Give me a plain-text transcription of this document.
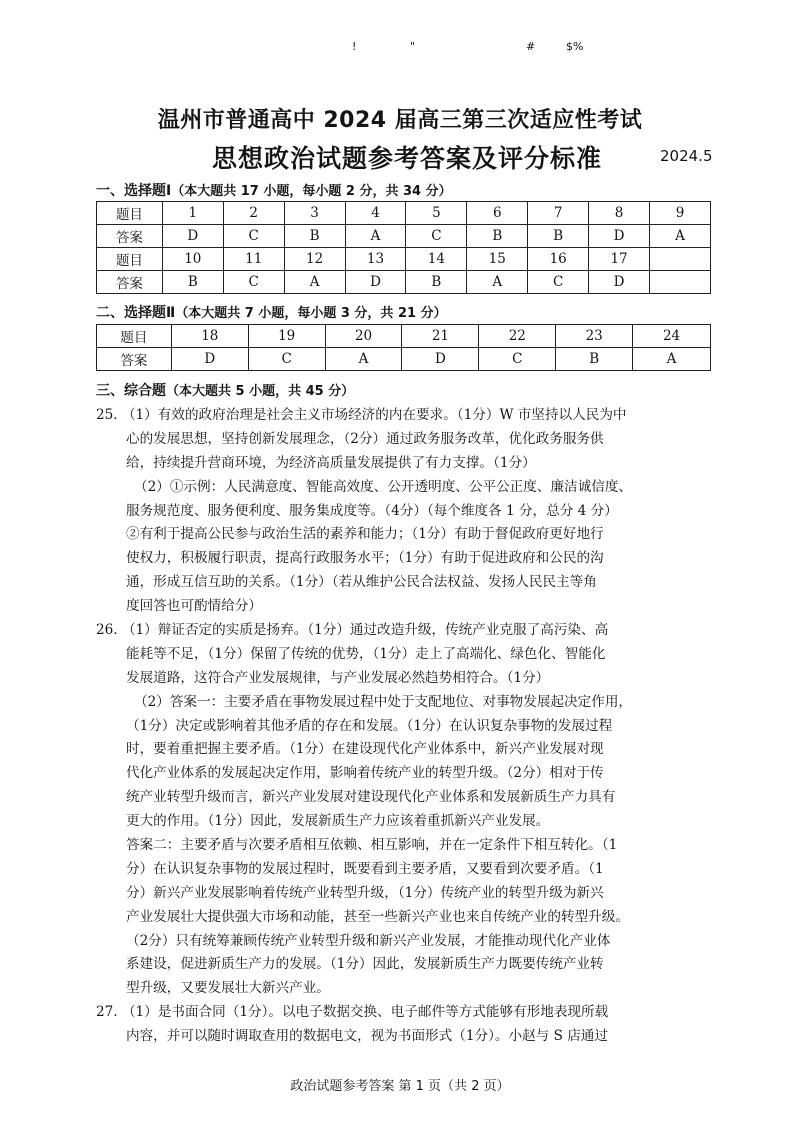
!	"	#	$%
温州市普通高中 2024 届高三第三次适应性考试
思想政治试题参考答案及评分标准	2024.5
一、选择题Ⅰ（本大题共 17 小题，每小题 2 分，共 34 分）
题目	1	2	3	4	5	6	7	8	9
答案	D	C	B	A	C	B	B	D	A
题目	10	11	12	13	14	15	16	17	
答案	B	C	A	D	B	A	C	D	
二、选择题Ⅱ（本大题共 7 小题，每小题 3 分，共 21 分）
题目	18	19	20	21	22	23	24
答案	D	C	A	D	C	B	A
三、综合题（本大题共 5 小题，共 45 分）
25. （1）有效的政府治理是社会主义市场经济的内在要求。（1分）W 市坚持以人民为中
心的发展思想，坚持创新发展理念，（2分）通过政务服务改革，优化政务服务供
给，持续提升营商环境，为经济高质量发展提供了有力支撑。（1分）
（2）①示例：人民满意度、智能高效度、公开透明度、公平公正度、廉洁诚信度、
服务规范度、服务便利度、服务集成度等。（4分）（每个维度各 1 分，总分 4 分）
②有利于提高公民参与政治生活的素养和能力；（1分）有助于督促政府更好地行
使权力，积极履行职责，提高行政服务水平；（1分）有助于促进政府和公民的沟
通，形成互信互助的关系。（1分）（若从维护公民合法权益、发扬人民民主等角
度回答也可酌情给分）
26. （1）辩证否定的实质是扬弃。（1分）通过改造升级，传统产业克服了高污染、高
能耗等不足，（1分）保留了传统的优势，（1分）走上了高端化、绿色化、智能化
发展道路，这符合产业发展规律，与产业发展必然趋势相符合。（1分）
（2）答案一：主要矛盾在事物发展过程中处于支配地位、对事物发展起决定作用，
（1分）决定或影响着其他矛盾的存在和发展。（1分）在认识复杂事物的发展过程
时，要着重把握主要矛盾。（1分）在建设现代化产业体系中，新兴产业发展对现
代化产业体系的发展起决定作用，影响着传统产业的转型升级。（2分）相对于传
统产业转型升级而言，新兴产业发展对建设现代化产业体系和发展新质生产力具有
更大的作用。（1分）因此，发展新质生产力应该着重抓新兴产业发展。
答案二：主要矛盾与次要矛盾相互依赖、相互影响，并在一定条件下相互转化。（1
分）在认识复杂事物的发展过程时，既要看到主要矛盾，又要看到次要矛盾。（1
分）新兴产业发展影响着传统产业转型升级，（1分）传统产业的转型升级为新兴
产业发展壮大提供强大市场和动能，甚至一些新兴产业也来自传统产业的转型升级。
（2分）只有统筹兼顾传统产业转型升级和新兴产业发展，才能推动现代化产业体
系建设，促进新质生产力的发展。（1分）因此，发展新质生产力既要传统产业转
型升级，又要发展壮大新兴产业。
27. （1）是书面合同（1分）。以电子数据交换、电子邮件等方式能够有形地表现所载
内容，并可以随时调取查用的数据电文，视为书面形式（1分）。小赵与 S 店通过
政治试题参考答案 第 1 页（共 2 页）
